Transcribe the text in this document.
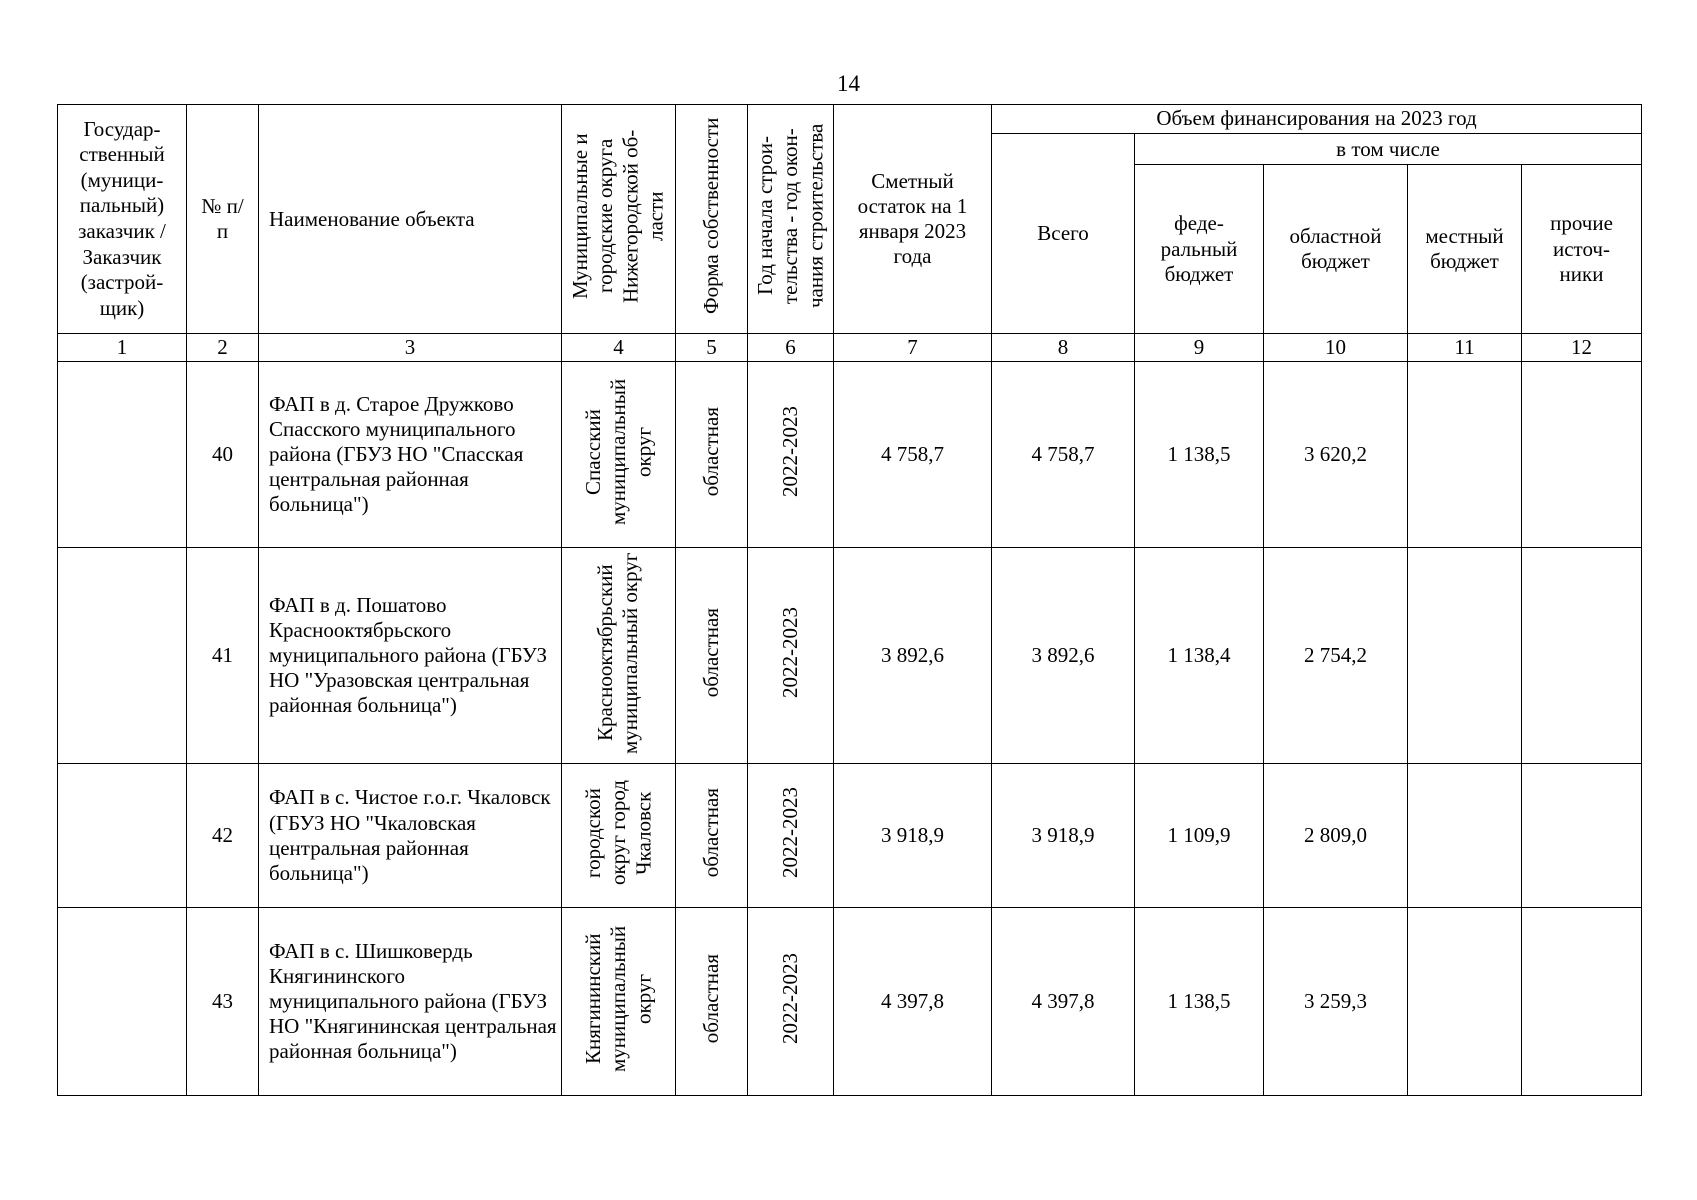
14
Государ-ственный (муници-пальный) заказчик / Заказчик (застрой-щик)	№ п/п	Наименование объекта	Муниципальные и городские округа Нижегородской об-ласти	Форма собственности	Год начала строи-тельства - год окон-чания строительства	Сметный остаток на 1 января 2023 года	Объем финансирования на 2023 год				
							Всего	в том числе			
								феде-ральный бюджет	областной бюджет	местный бюджет	прочие источ-ники
1	2	3	4	5	6	7	8	9	10	11	12
	40	ФАП в д. Старое Дружково Спасского муниципального района (ГБУЗ НО "Спасская центральная районная больница")	Спасский муниципальный округ	областная	2022-2023	4 758,7	4 758,7	1 138,5	3 620,2		
	41	ФАП в д. Пошатово Краснооктябрьского муниципального района (ГБУЗ НО "Уразовская центральная районная больница")	Краснооктябрьский муниципальный округ	областная	2022-2023	3 892,6	3 892,6	1 138,4	2 754,2		
	42	ФАП в с. Чистое г.о.г. Чкаловск (ГБУЗ НО "Чкаловская центральная районная больница")	городской округ город Чкаловск	областная	2022-2023	3 918,9	3 918,9	1 109,9	2 809,0		
	43	ФАП в с. Шишковердь Княгининского муниципального района (ГБУЗ НО "Княгининская центральная районная больница")	Княгининский муниципальный округ	областная	2022-2023	4 397,8	4 397,8	1 138,5	3 259,3		
